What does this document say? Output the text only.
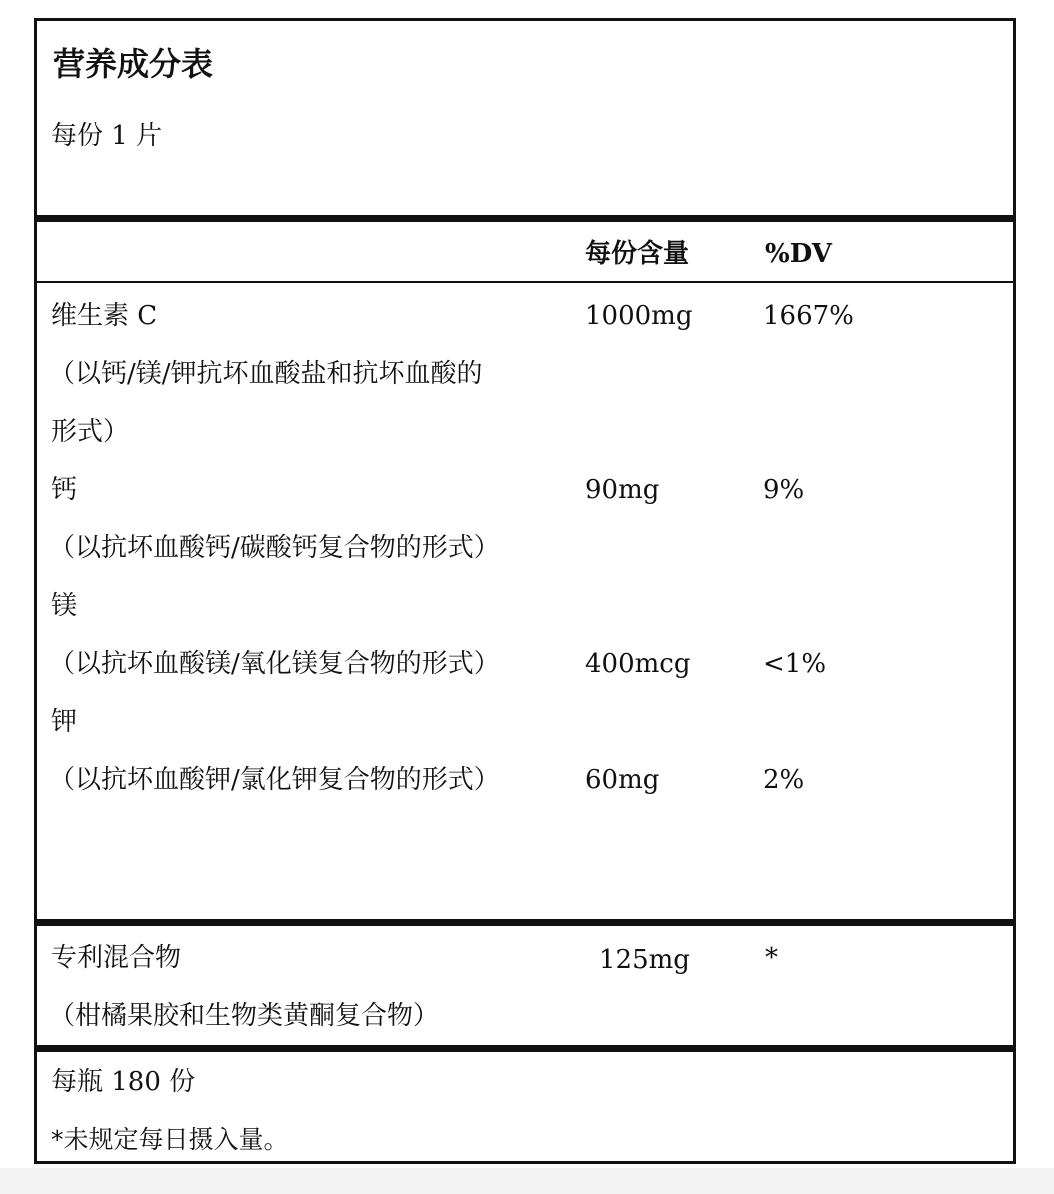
营养成分表
每份 1 片
每份含量	%DV
维生素 C	1000mg	1667%
（以钙/镁/钾抗坏血酸盐和抗坏血酸的
形式）
钙	90mg	9%
（以抗坏血酸钙/碳酸钙复合物的形式）
镁
（以抗坏血酸镁/氧化镁复合物的形式）	400mcg	<1%
钾
（以抗坏血酸钾/氯化钾复合物的形式）	60mg	2%
专利混合物	125mg	*
（柑橘果胶和生物类黄酮复合物）
每瓶 180 份
*未规定每日摄入量。
